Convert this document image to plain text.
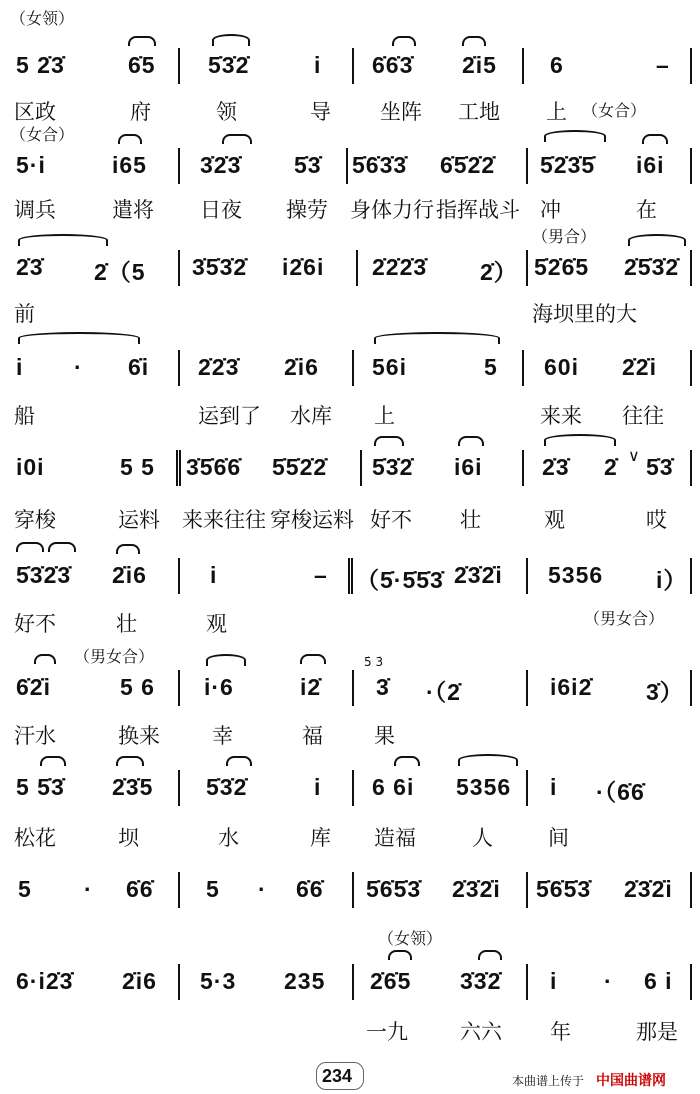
（女领）
5 2̇3̇	6̇5 5̇3̇2̇	i 6̇6̇3̇ 2̇i5 6	–
区政	府	领	导 坐阵 工地 上 （女合）
（女合）
5·i	i65 3̇2̇3̇ 5̇3̇ 5̇6̇3̇3̇ 6̇5̇2̇2̇ 5̇2̇3̇5̇ i6i
调兵	遣将 日夜 操劳 身体力行 指挥战斗 冲	在
（男合）
2̇3̇ 2̇（5 3̇5̇3̇2̇ i2̇6i 2̇2̇2̇3̇ 2̇） 5̇2̇6̇5 2̇5̇3̇2̇
前	海坝里的大
i · 6̇i 2̇2̇3̇ 2̇i6 56i	5 60i 2̇2̇i
船	运到了 水库 上	来来 往往
i0i	5 5 3̇5̇6̇6̇ 5̇5̇2̇2̇ 5̇3̇2̇ i6i	2̇3̇ 2̇ ∨ 5̇3̇
穿梭	运料 来来往往 穿梭运料 好不 壮	观	哎
5̇3̇2̇3̇ 2̇i6	i	– （5̇·5̇5̇3̇ 2̇3̇2̇i 5356 i）
好不	壮	观	（男女合）
（男女合）
6̇2̇i	5 6 i·6	i2̇
5̇ 3̇
3̇ ·（2̇	i6i2̇ 3̇）
汗水	换来 幸	福 果
5 5̇3̇ 2̇3̇5 5̇3̇2̇	i 6 6i 5356 i ·（6̇6̇
松花	坝	水	库 造福	人	间
5 · 6̇6̇ 5 · 6̇6̇ 5̇6̇5̇3̇ 2̇3̇2̇i 5̇6̇5̇3̇ 2̇3̇2̇i
（女领）
6·i2̇3̇ 2̇i6 5·3 235 2̇6̇5 3̇3̇2̇ i · 6 i
一九 六六 年	那是
234	本曲谱上传于 中国曲谱网
